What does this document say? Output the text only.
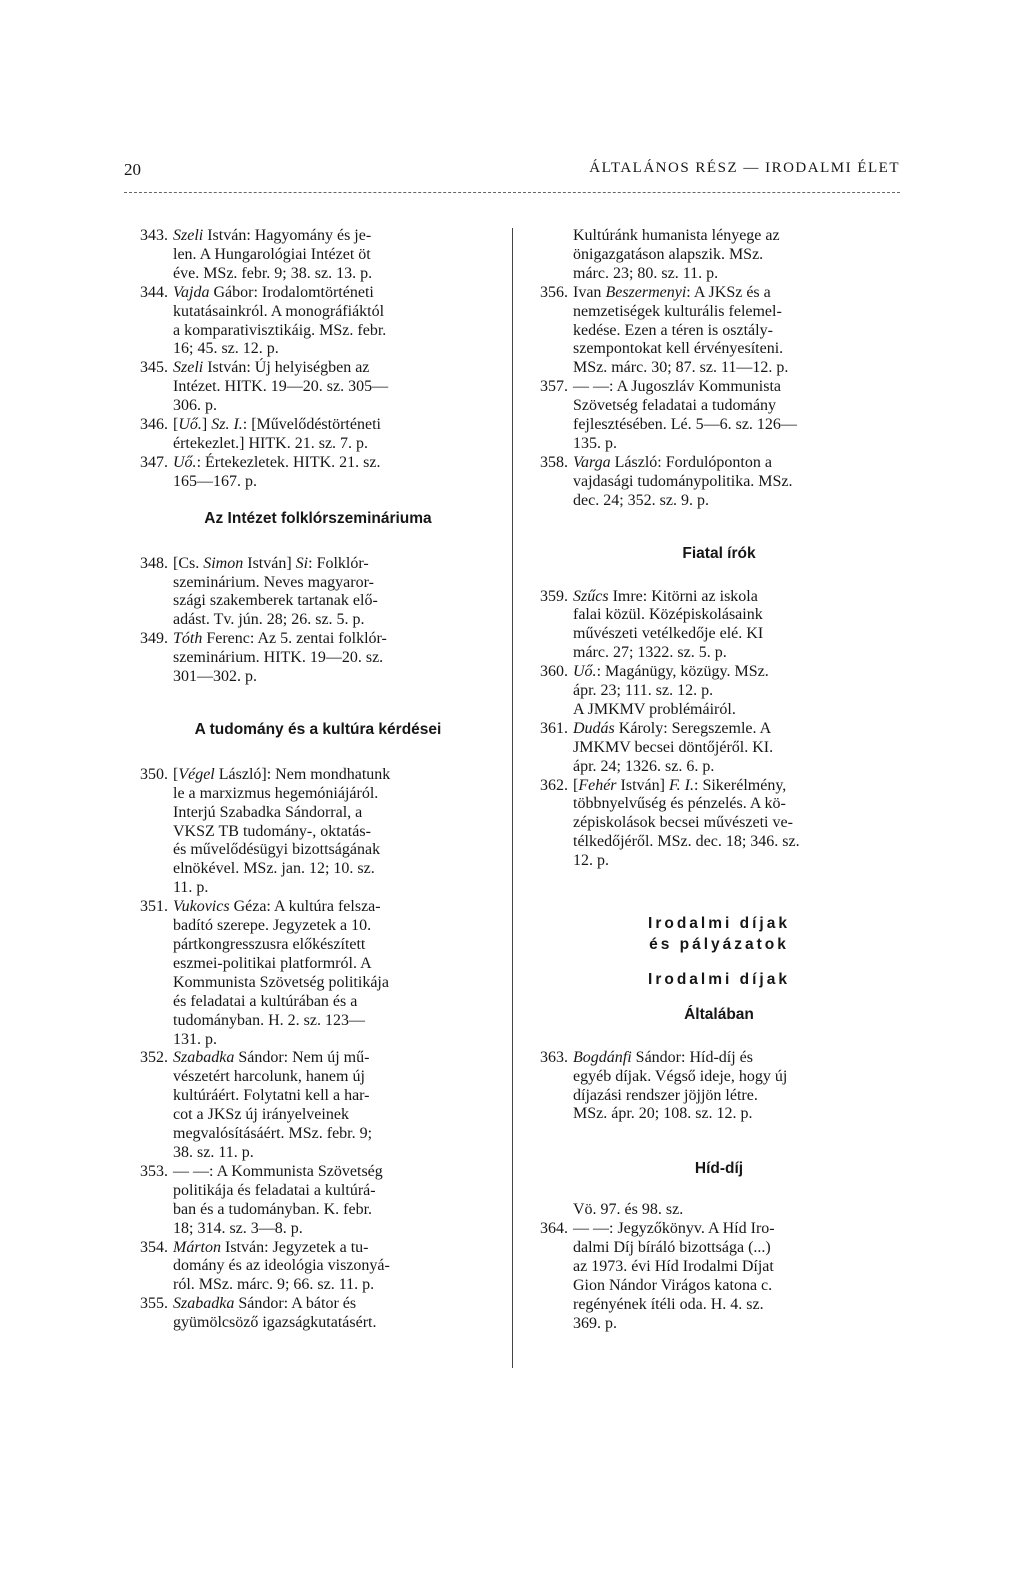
20	ÁLTALÁNOS RÉSZ — IRODALMI ÉLET
343. Szeli István: Hagyomány és je-
len. A Hungarológiai Intézet öt
éve. MSz. febr. 9; 38. sz. 13. p.
344. Vajda Gábor: Irodalomtörténeti
kutatásainkról. A monográfiáktól
a komparativisztikáig. MSz. febr.
16; 45. sz. 12. p.
345. Szeli István: Új helyiségben az
Intézet. HITK. 19—20. sz. 305—
306. p.
346. [Uő.] Sz. I.: [Művelődéstörténeti
értekezlet.] HITK. 21. sz. 7. p.
347. Uő.: Értekezletek. HITK. 21. sz.
165—167. p.
Az Intézet folklórszemináriuma
348. [Cs. Simon István] Si: Folklór-
szeminárium. Neves magyaror-
szági szakemberek tartanak elő-
adást. Tv. jún. 28; 26. sz. 5. p.
349. Tóth Ferenc: Az 5. zentai folklór-
szeminárium. HITK. 19—20. sz.
301—302. p.
A tudomány és a kultúra kérdései
350. [Végel László]: Nem mondhatunk
le a marxizmus hegemóniájáról.
Interjú Szabadka Sándorral, a
VKSZ TB tudomány-, oktatás-
és művelődésügyi bizottságának
elnökével. MSz. jan. 12; 10. sz.
11. p.
351. Vukovics Géza: A kultúra felsza-
badító szerepe. Jegyzetek a 10.
pártkongresszusra előkészített
eszmei-politikai platformról. A
Kommunista Szövetség politikája
és feladatai a kultúrában és a
tudományban. H. 2. sz. 123—
131. p.
352. Szabadka Sándor: Nem új mű-
vészetért harcolunk, hanem új
kultúráért. Folytatni kell a har-
cot a JKSz új irányelveinek
megvalósításáért. MSz. febr. 9;
38. sz. 11. p.
353. — —: A Kommunista Szövetség
politikája és feladatai a kultúrá-
ban és a tudományban. K. febr.
18; 314. sz. 3—8. p.
354. Márton István: Jegyzetek a tu-
domány és az ideológia viszonyá-
ról. MSz. márc. 9; 66. sz. 11. p.
355. Szabadka Sándor: A bátor és
gyümölcsöző igazságkutatásért.
Kultúránk humanista lényege az
önigazgatáson alapszik. MSz.
márc. 23; 80. sz. 11. p.
356. Ivan Beszermenyi: A JKSz és a
nemzetiségek kulturális felemel-
kedése. Ezen a téren is osztály-
szempontokat kell érvényesíteni.
MSz. márc. 30; 87. sz. 11—12. p.
357. — —: A Jugoszláv Kommunista
Szövetség feladatai a tudomány
fejlesztésében. Lé. 5—6. sz. 126—
135. p.
358. Varga László: Fordulóponton a
vajdasági tudománypolitika. MSz.
dec. 24; 352. sz. 9. p.
Fiatal írók
359. Szűcs Imre: Kitörni az iskola
falai közül. Középiskolásaink
művészeti vetélkedője elé. KI
márc. 27; 1322. sz. 5. p.
360. Uő.: Magánügy, közügy. MSz.
ápr. 23; 111. sz. 12. p.
A JMKMV problémáiról.
361. Dudás Károly: Seregszemle. A
JMKMV becsei döntőjéről. KI.
ápr. 24; 1326. sz. 6. p.
362. [Fehér István] F. I.: Sikerélmény,
többnyelvűség és pénzelés. A kö-
zépiskolások becsei művészeti ve-
télkedőjéről. MSz. dec. 18; 346. sz.
12. p.
Irodalmi díjak
és pályázatok
Irodalmi díjak
Általában
363. Bogdánfi Sándor: Híd-díj és
egyéb díjak. Végső ideje, hogy új
díjazási rendszer jöjjön létre.
MSz. ápr. 20; 108. sz. 12. p.
Híd-díj
Vö. 97. és 98. sz.
364. — —: Jegyzőkönyv. A Híd Iro-
dalmi Díj bíráló bizottsága (...)
az 1973. évi Híd Irodalmi Díjat
Gion Nándor Virágos katona c.
regényének ítéli oda. H. 4. sz.
369. p.
